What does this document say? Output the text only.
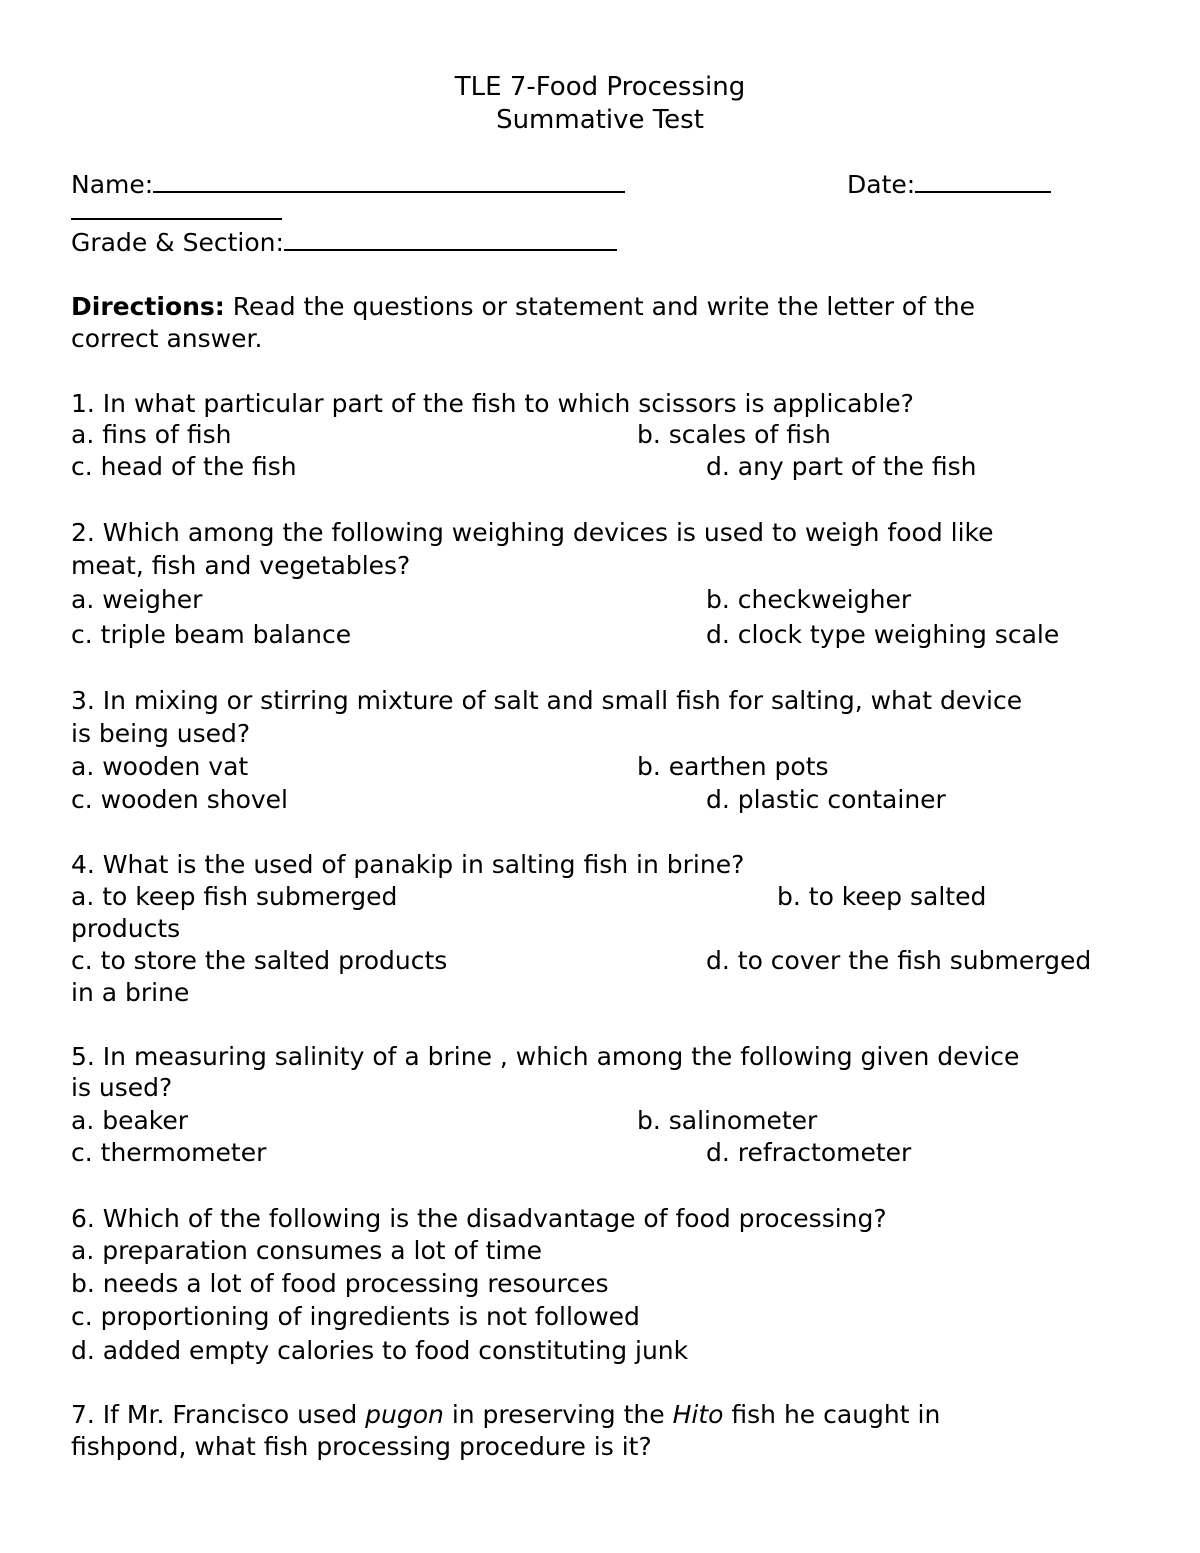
TLE 7-Food Processing
Summative Test
Name:	Date:
Grade & Section:
Directions: Read the questions or statement and write the letter of the
correct answer.
1. In what particular part of the fish to which scissors is applicable?
a. fins of fish	b. scales of fish
c. head of the fish	d. any part of the fish
2. Which among the following weighing devices is used to weigh food like
meat, fish and vegetables?
a. weigher	b. checkweigher
c. triple beam balance	d. clock type weighing scale
3. In mixing or stirring mixture of salt and small fish for salting, what device
is being used?
a. wooden vat	b. earthen pots
c. wooden shovel	d. plastic container
4. What is the used of panakip in salting fish in brine?
a. to keep fish submerged	b. to keep salted
products
c. to store the salted products	d. to cover the fish submerged
in a brine
5. In measuring salinity of a brine , which among the following given device
is used?
a. beaker	b. salinometer
c. thermometer	d. refractometer
6. Which of the following is the disadvantage of food processing?
a. preparation consumes a lot of time
b. needs a lot of food processing resources
c. proportioning of ingredients is not followed
d. added empty calories to food constituting junk
7. If Mr. Francisco used pugon in preserving the Hito fish he caught in
fishpond, what fish processing procedure is it?
